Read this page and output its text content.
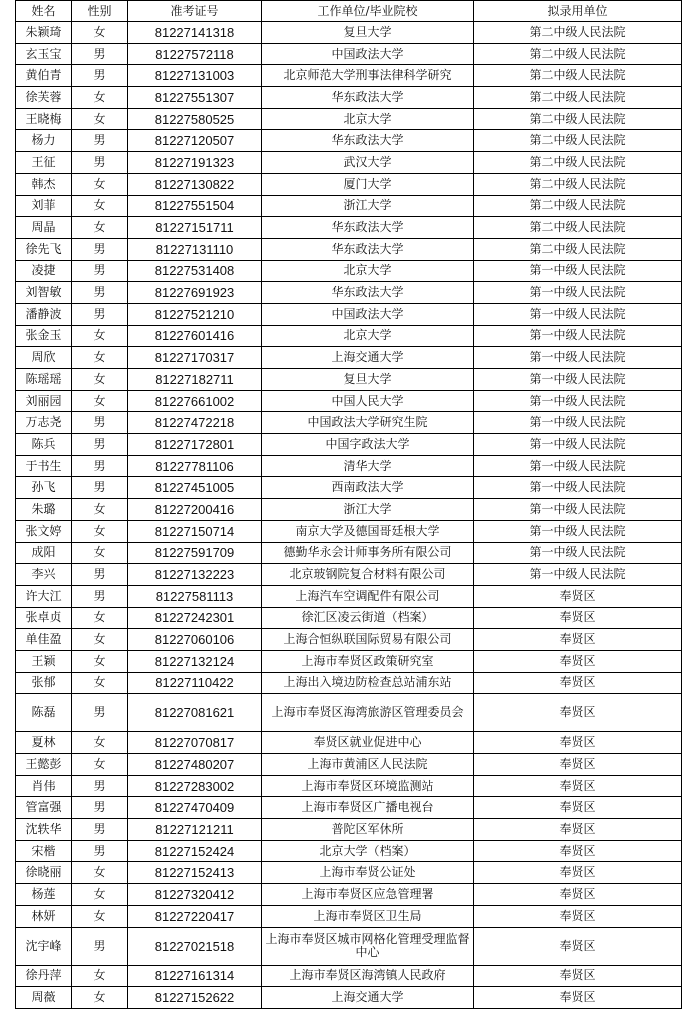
姓名	性别	准考证号	工作单位/毕业院校	拟录用单位
朱颖琦	女	81227141318	复旦大学	第二中级人民法院
玄玉宝	男	81227572118	中国政法大学	第二中级人民法院
黄伯青	男	81227131003	北京师范大学刑事法律科学研究	第二中级人民法院
徐芙蓉	女	81227551307	华东政法大学	第二中级人民法院
王晓梅	女	81227580525	北京大学	第二中级人民法院
杨力	男	81227120507	华东政法大学	第二中级人民法院
王征	男	81227191323	武汉大学	第二中级人民法院
韩杰	女	81227130822	厦门大学	第二中级人民法院
刘菲	女	81227551504	浙江大学	第二中级人民法院
周晶	女	81227151711	华东政法大学	第二中级人民法院
徐先飞	男	81227131110	华东政法大学	第二中级人民法院
凌捷	男	81227531408	北京大学	第一中级人民法院
刘智敏	男	81227691923	华东政法大学	第一中级人民法院
潘静波	男	81227521210	中国政法大学	第一中级人民法院
张金玉	女	81227601416	北京大学	第一中级人民法院
周欣	女	81227170317	上海交通大学	第一中级人民法院
陈瑶瑶	女	81227182711	复旦大学	第一中级人民法院
刘丽园	女	81227661002	中国人民大学	第一中级人民法院
万志尧	男	81227472218	中国政法大学研究生院	第一中级人民法院
陈兵	男	81227172801	中国字政法大学	第一中级人民法院
于书生	男	81227781106	清华大学	第一中级人民法院
孙飞	男	81227451005	西南政法大学	第一中级人民法院
朱璐	女	81227200416	浙江大学	第一中级人民法院
张文婷	女	81227150714	南京大学及德国哥廷根大学	第一中级人民法院
成阳	女	81227591709	德勤华永会计师事务所有限公司	第一中级人民法院
李兴	男	81227132223	北京玻钢院复合材料有限公司	第一中级人民法院
许大江	男	81227581113	上海汽车空调配件有限公司	奉贤区
张卓贞	女	81227242301	徐汇区凌云街道（档案）	奉贤区
单佳盈	女	81227060106	上海合恒纵联国际贸易有限公司	奉贤区
王颖	女	81227132124	上海市奉贤区政策研究室	奉贤区
张郁	女	81227110422	上海出入境边防检查总站浦东站	奉贤区
陈磊	男	81227081621	上海市奉贤区海湾旅游区管理委员会	奉贤区
夏林	女	81227070817	奉贤区就业促进中心	奉贤区
王懿彭	女	81227480207	上海市黄浦区人民法院	奉贤区
肖伟	男	81227283002	上海市奉贤区环境监测站	奉贤区
管富强	男	81227470409	上海市奉贤区广播电视台	奉贤区
沈轶华	男	81227121211	普陀区军休所	奉贤区
宋楷	男	81227152424	北京大学（档案）	奉贤区
徐晓丽	女	81227152413	上海市奉贤公证处	奉贤区
杨莲	女	81227320412	上海市奉贤区应急管理署	奉贤区
林妍	女	81227220417	上海市奉贤区卫生局	奉贤区
沈宇峰	男	81227021518	上海市奉贤区城市网格化管理受理监督中心	奉贤区
徐丹萍	女	81227161314	上海市奉贤区海湾镇人民政府	奉贤区
周薇	女	81227152622	上海交通大学	奉贤区
